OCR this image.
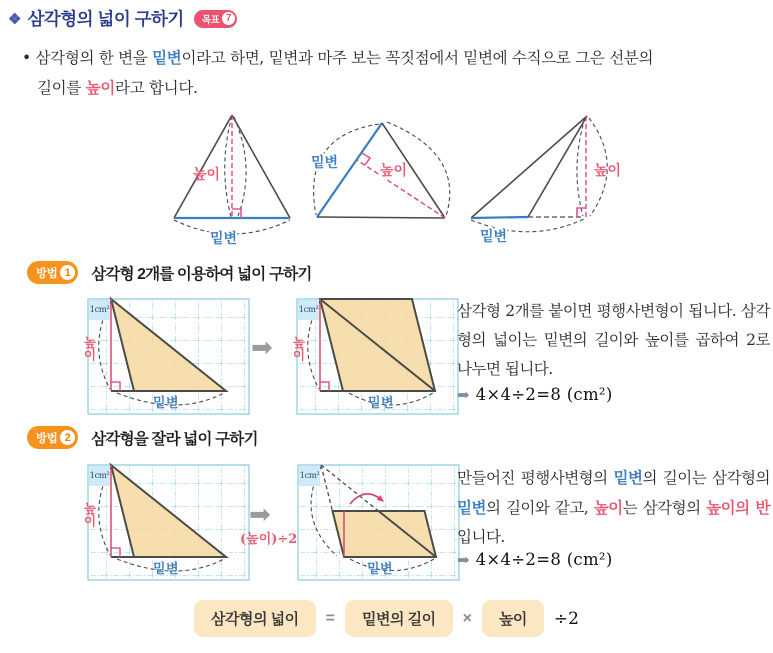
❖ 삼각형의 넓이 구하기 목표 7
• 삼각형의 한 변을 밑변이라고 하면, 밑변과 마주 보는 꼭짓점에서 밑변에 수직으로 그은 선분의
길이를 높이라고 합니다.
높이
밑변
밑변	높이	높이
밑변
방법 1 삼각형 2개를 이용하여 넓이 구하기
1cm²
높이
밑변
➡
1cm²
높이
밑변
삼각형 2개를 붙이면 평행사변형이 됩니다. 삼각형의 넓이는 밑변의 길이와 높이를 곱하여 2로 나누면 됩니다.
➡ 4×4÷2=8 (cm²)
방법 2 삼각형을 잘라 넓이 구하기
1cm²
높이
밑변
➡
(높이)÷2
1cm²
밑변
만들어진 평행사변형의 밑변의 길이는 삼각형의 밑변의 길이와 같고, 높이는 삼각형의 높이의 반입니다.
➡ 4×4÷2=8 (cm²)
삼각형의 넓이	=	밑변의 길이	×	높이	÷2
